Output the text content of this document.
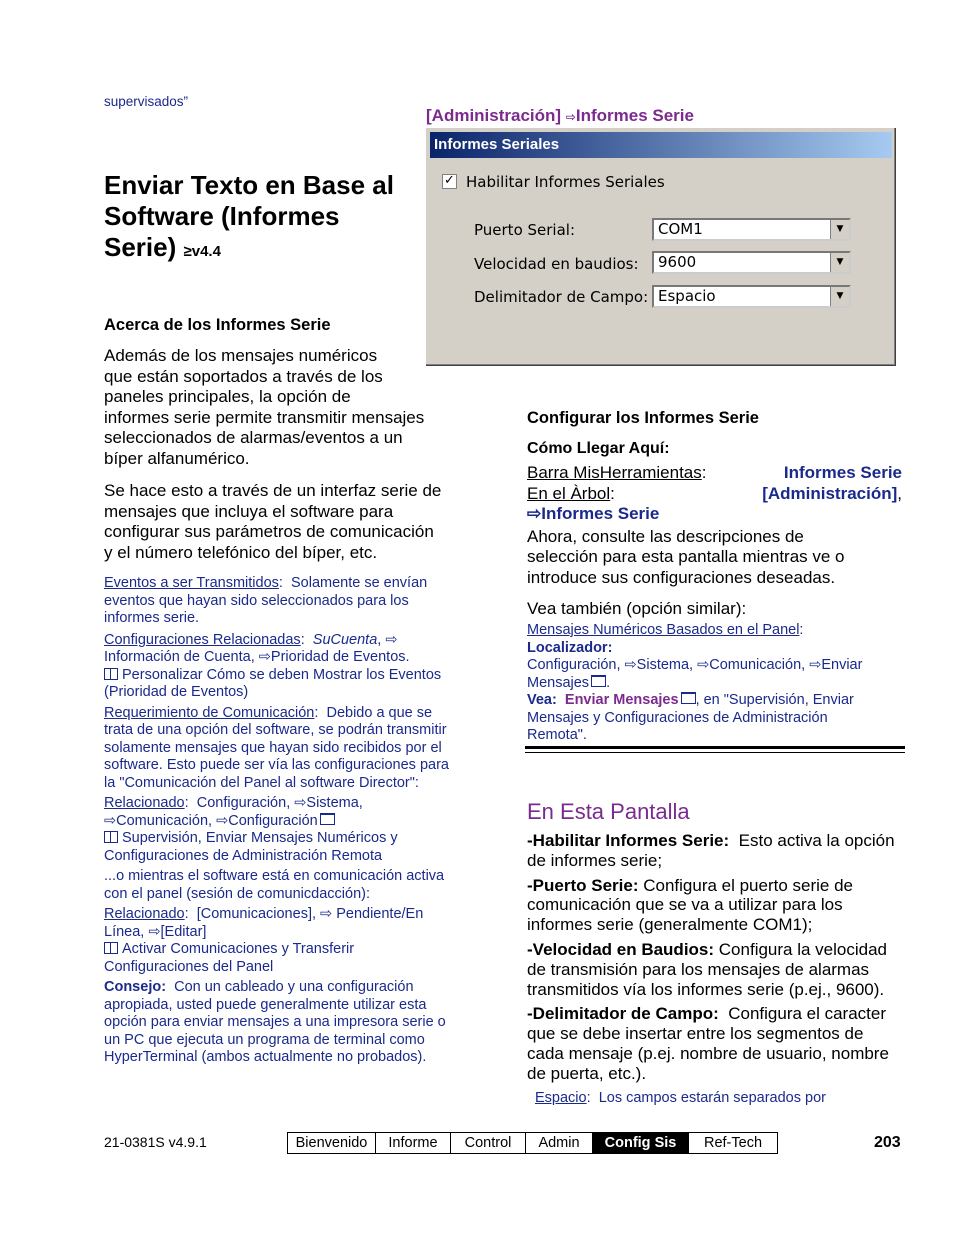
supervisados”
[Administración] ⇨Informes Serie
Enviar Texto en Base al
Software (Informes
Serie) ≥v4.4
Acerca de los Informes Serie
Además de los mensajes numéricos
que están soportados a través de los
paneles principales, la opción de
informes serie permite transmitir mensajes
seleccionados de alarmas/eventos a un
bíper alfanumérico.
Se hace esto a través de un interfaz serie de
mensajes que incluya el software para
configurar sus parámetros de comunicación
y el número telefónico del bíper, etc.
Eventos a ser Transmitidos:  Solamente se envían
eventos que hayan sido seleccionados para los
informes serie.
Configuraciones Relacionadas:  SuCuenta, ⇨
Información de Cuenta, ⇨Prioridad de Eventos.
Personalizar Cómo se deben Mostrar los Eventos
(Prioridad de Eventos)
Requerimiento de Comunicación:  Debido a que se
trata de una opción del software, se podrán transmitir
solamente mensajes que hayan sido recibidos por el
software. Esto puede ser vía las configuraciones para
la "Comunicación del Panel al software Director":
Relacionado:  Configuración, ⇨Sistema,
⇨Comunicación, ⇨Configuración
Supervisión, Enviar Mensajes Numéricos y
Configuraciones de Administración Remota
...o mientras el software está en comunicación activa
con el panel (sesión de comunicdacción):
Relacionado:  [Comunicaciones], ⇨ Pendiente/En
Línea, ⇨[Editar]
Activar Comunicaciones y Transferir
Configuraciones del Panel
Consejo: Con un cableado y una configuración
apropiada, usted puede generalmente utilizar esta
opción para enviar mensajes a una impresora serie o
un PC que ejecuta un programa de terminal como
HyperTerminal (ambos actualmente no probados).
Informes Seriales
✓ Habilitar Informes Seriales
Puerto Serial:	COM1	▼
Velocidad en baudios:	9600	▼
Delimitador de Campo: Espacio	▼
Configurar los Informes Serie
Cómo Llegar Aquí:
Barra MisHerramientas:	Informes Serie
En el Àrbol:	[Administración],
⇨Informes Serie
Ahora, consulte las descripciones de
selección para esta pantalla mientras ve o
introduce sus configuraciones deseadas.
Vea también (opción similar):
Mensajes Numéricos Basados en el Panel:
Localizador:
Configuración, ⇨Sistema, ⇨Comunicación, ⇨Enviar
Mensajes .
Vea: Enviar Mensajes , en "Supervisión, Enviar
Mensajes y Configuraciones de Administración
Remota".
En Esta Pantalla
-Habilitar Informes Serie: Esto activa la opción
de informes serie;
-Puerto Serie: Configura el puerto serie de
comunicación que se va a utilizar para los
informes serie (generalmente COM1);
-Velocidad en Baudios: Configura la velocidad
de transmisión para los mensajes de alarmas
transmitidos vía los informes serie (p.ej., 9600).
-Delimitador de Campo: Configura el caracter
que se debe insertar entre los segmentos de
cada mensaje (p.ej. nombre de usuario, nombre
de puerta, etc.).
Espacio:  Los campos estarán separados por
21-0381S v4.9.1	Bienvenido	Informe	Control	Admin	Config Sis	Ref-Tech	203
